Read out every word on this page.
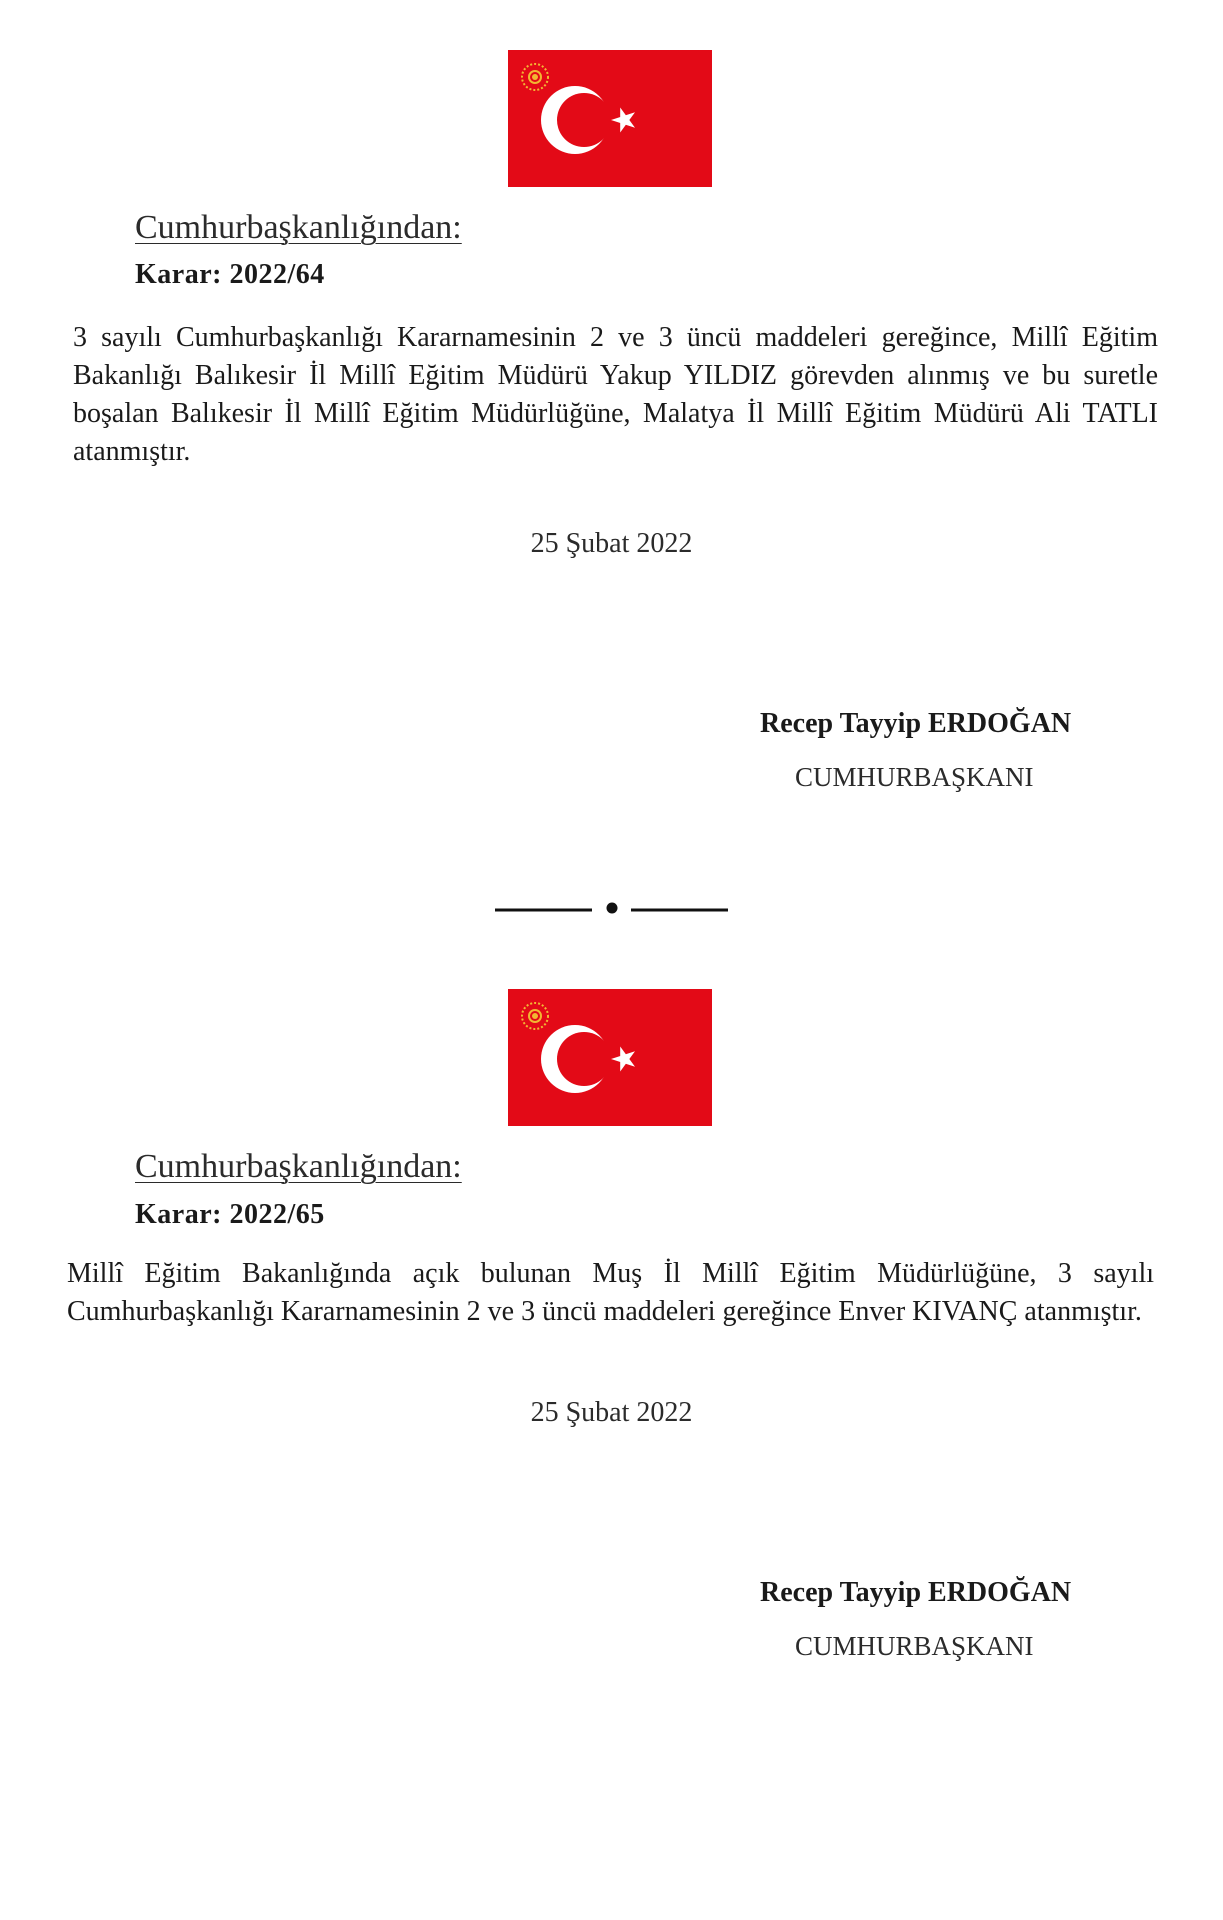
Cumhurbaşkanlığından:
Karar: 2022/64
3 sayılı Cumhurbaşkanlığı Kararnamesinin 2 ve 3 üncü maddeleri gereğince, Millî Eğitim Bakanlığı Balıkesir İl Millî Eğitim Müdürü Yakup YILDIZ görevden alınmış ve bu suretle boşalan Balıkesir İl Millî Eğitim Müdürlüğüne, Malatya İl Millî Eğitim Müdürü Ali TATLI atanmıştır.
25 Şubat 2022
Recep Tayyip ERDOĞAN
CUMHURBAŞKANI
Cumhurbaşkanlığından:
Karar: 2022/65
Millî Eğitim Bakanlığında açık bulunan Muş İl Millî Eğitim Müdürlüğüne, 3 sayılı Cumhurbaşkanlığı Kararnamesinin 2 ve 3 üncü maddeleri gereğince Enver KIVANÇ atanmıştır.
25 Şubat 2022
Recep Tayyip ERDOĞAN
CUMHURBAŞKANI
